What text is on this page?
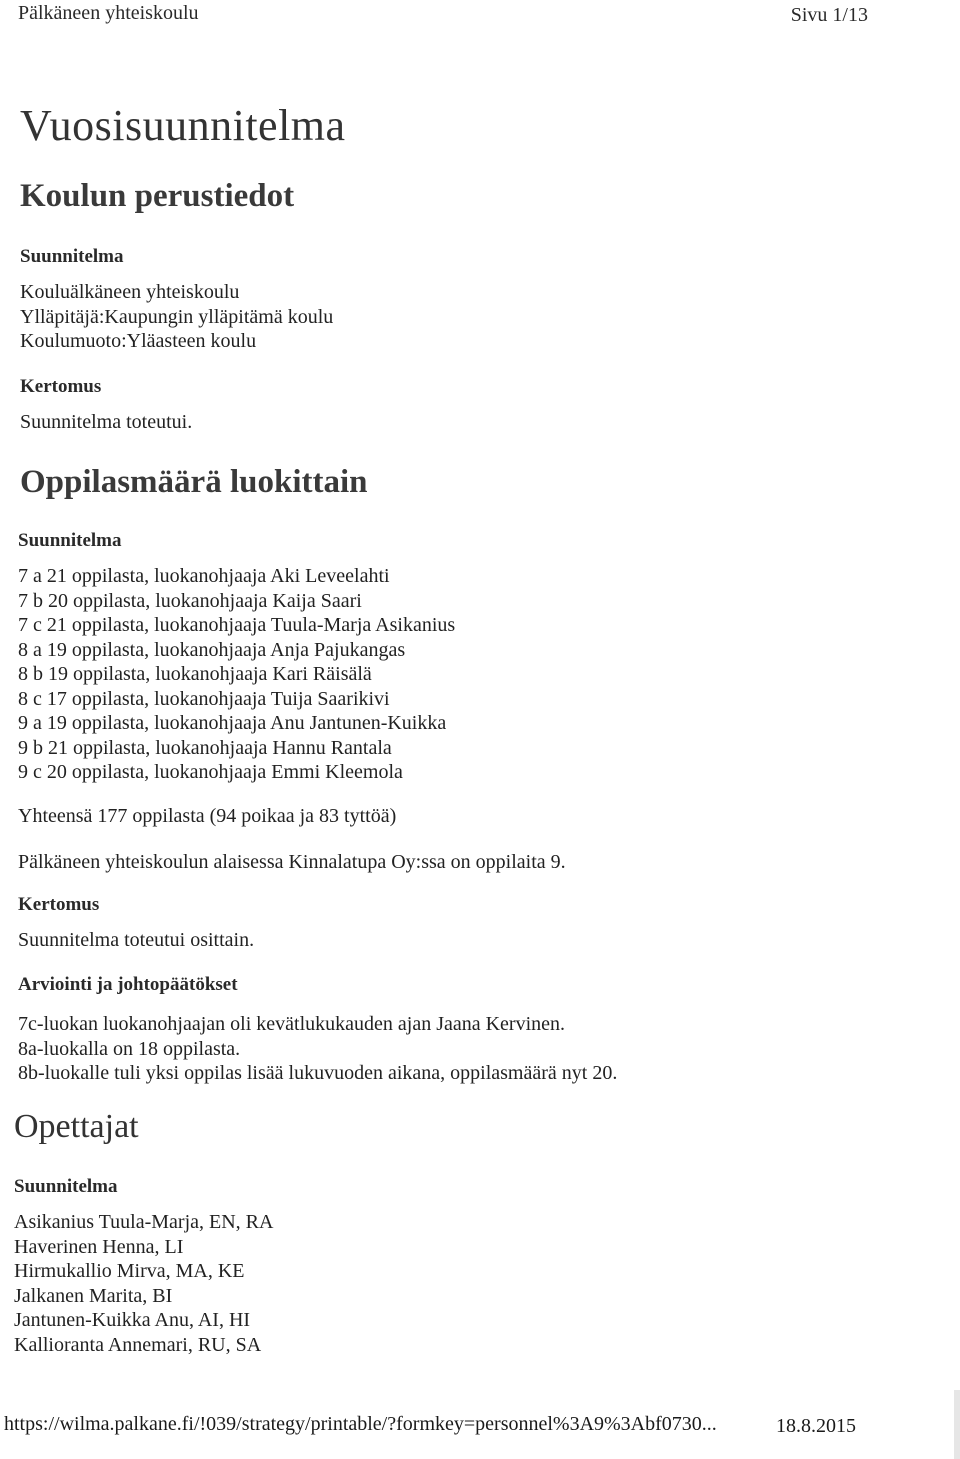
Pälkäneen yhteiskoulu	Sivu 1/13
Vuosisuunnitelma
Koulun perustiedot
Suunnitelma
Kouluälkäneen yhteiskoulu
Ylläpitäjä:Kaupungin ylläpitämä koulu
Koulumuoto:Yläasteen koulu
Kertomus
Suunnitelma toteutui.
Oppilasmäärä luokittain
Suunnitelma
7 a 21 oppilasta, luokanohjaaja Aki Leveelahti
7 b 20 oppilasta, luokanohjaaja Kaija Saari
7 c 21 oppilasta, luokanohjaaja Tuula-Marja Asikanius
8 a 19 oppilasta, luokanohjaaja Anja Pajukangas
8 b 19 oppilasta, luokanohjaaja Kari Räisälä
8 c 17 oppilasta, luokanohjaaja Tuija Saarikivi
9 a 19 oppilasta, luokanohjaaja Anu Jantunen-Kuikka
9 b 21 oppilasta, luokanohjaaja Hannu Rantala
9 c 20 oppilasta, luokanohjaaja Emmi Kleemola
Yhteensä 177 oppilasta (94 poikaa ja 83 tyttöä)
Pälkäneen yhteiskoulun alaisessa Kinnalatupa Oy:ssa on oppilaita 9.
Kertomus
Suunnitelma toteutui osittain.
Arviointi ja johtopäätökset
7c-luokan luokanohjaajan oli kevätlukukauden ajan Jaana Kervinen.
8a-luokalla on 18 oppilasta.
8b-luokalle tuli yksi oppilas lisää lukuvuoden aikana, oppilasmäärä nyt 20.
Opettajat
Suunnitelma
Asikanius Tuula-Marja, EN, RA
Haverinen Henna, LI
Hirmukallio Mirva, MA, KE
Jalkanen Marita, BI
Jantunen-Kuikka Anu, AI, HI
Kallioranta Annemari, RU, SA
https://wilma.palkane.fi/!039/strategy/printable/?formkey=personnel%3A9%3Abf0730...	18.8.2015
